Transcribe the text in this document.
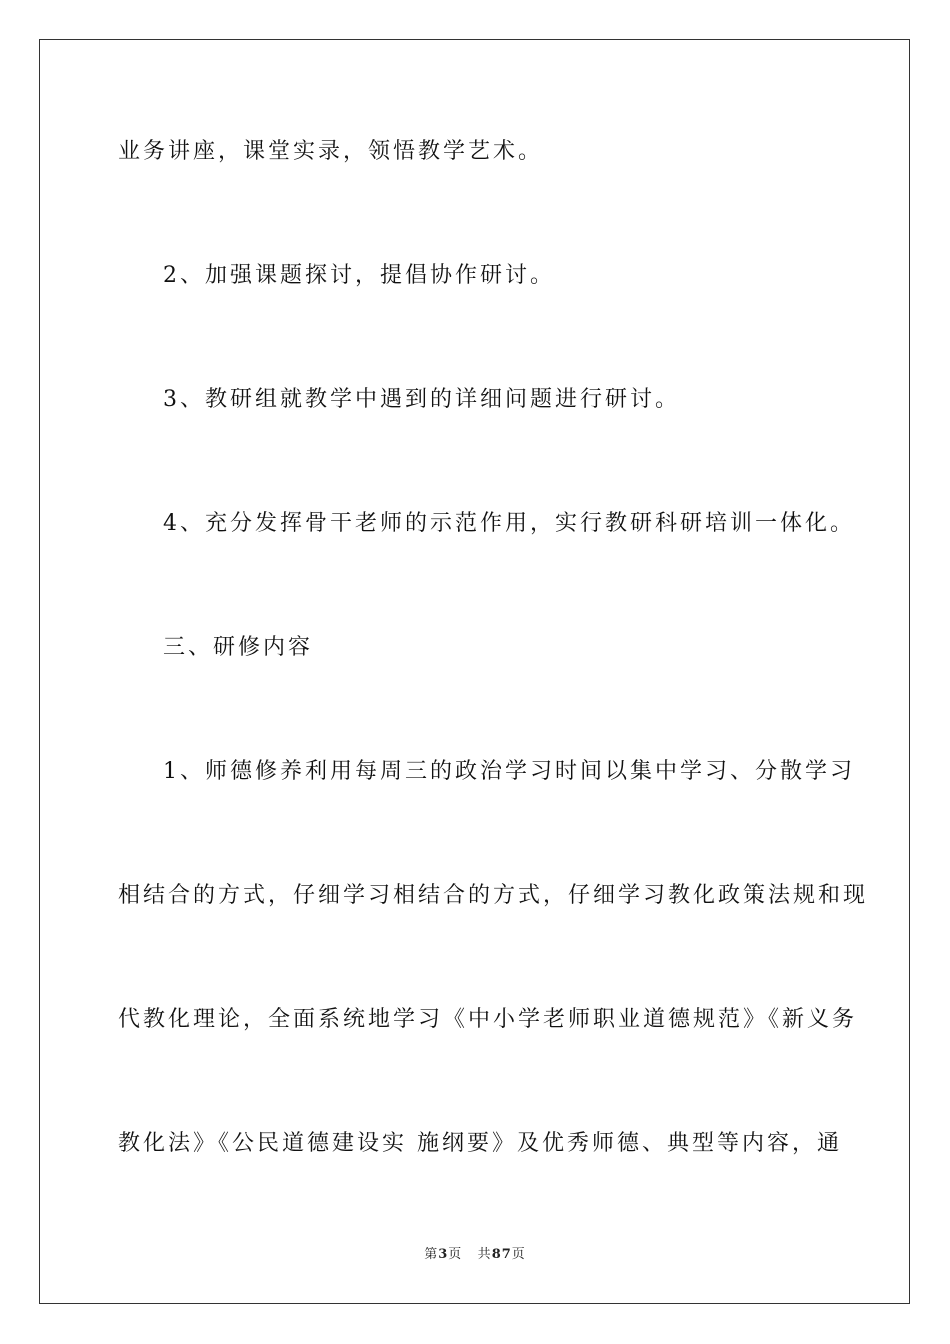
业务讲座，课堂实录，领悟教学艺术。
2、加强课题探讨，提倡协作研讨。
3、教研组就教学中遇到的详细问题进行研讨。
4、充分发挥骨干老师的示范作用，实行教研科研培训一体化。
三、研修内容
1、师德修养利用每周三的政治学习时间以集中学习、分散学习
相结合的方式，仔细学习相结合的方式，仔细学习教化政策法规和现
代教化理论，全面系统地学习《中小学老师职业道德规范》《新义务
教化法》《公民道德建设实 施纲要》及优秀师德、典型等内容，通
第3页 共87页
